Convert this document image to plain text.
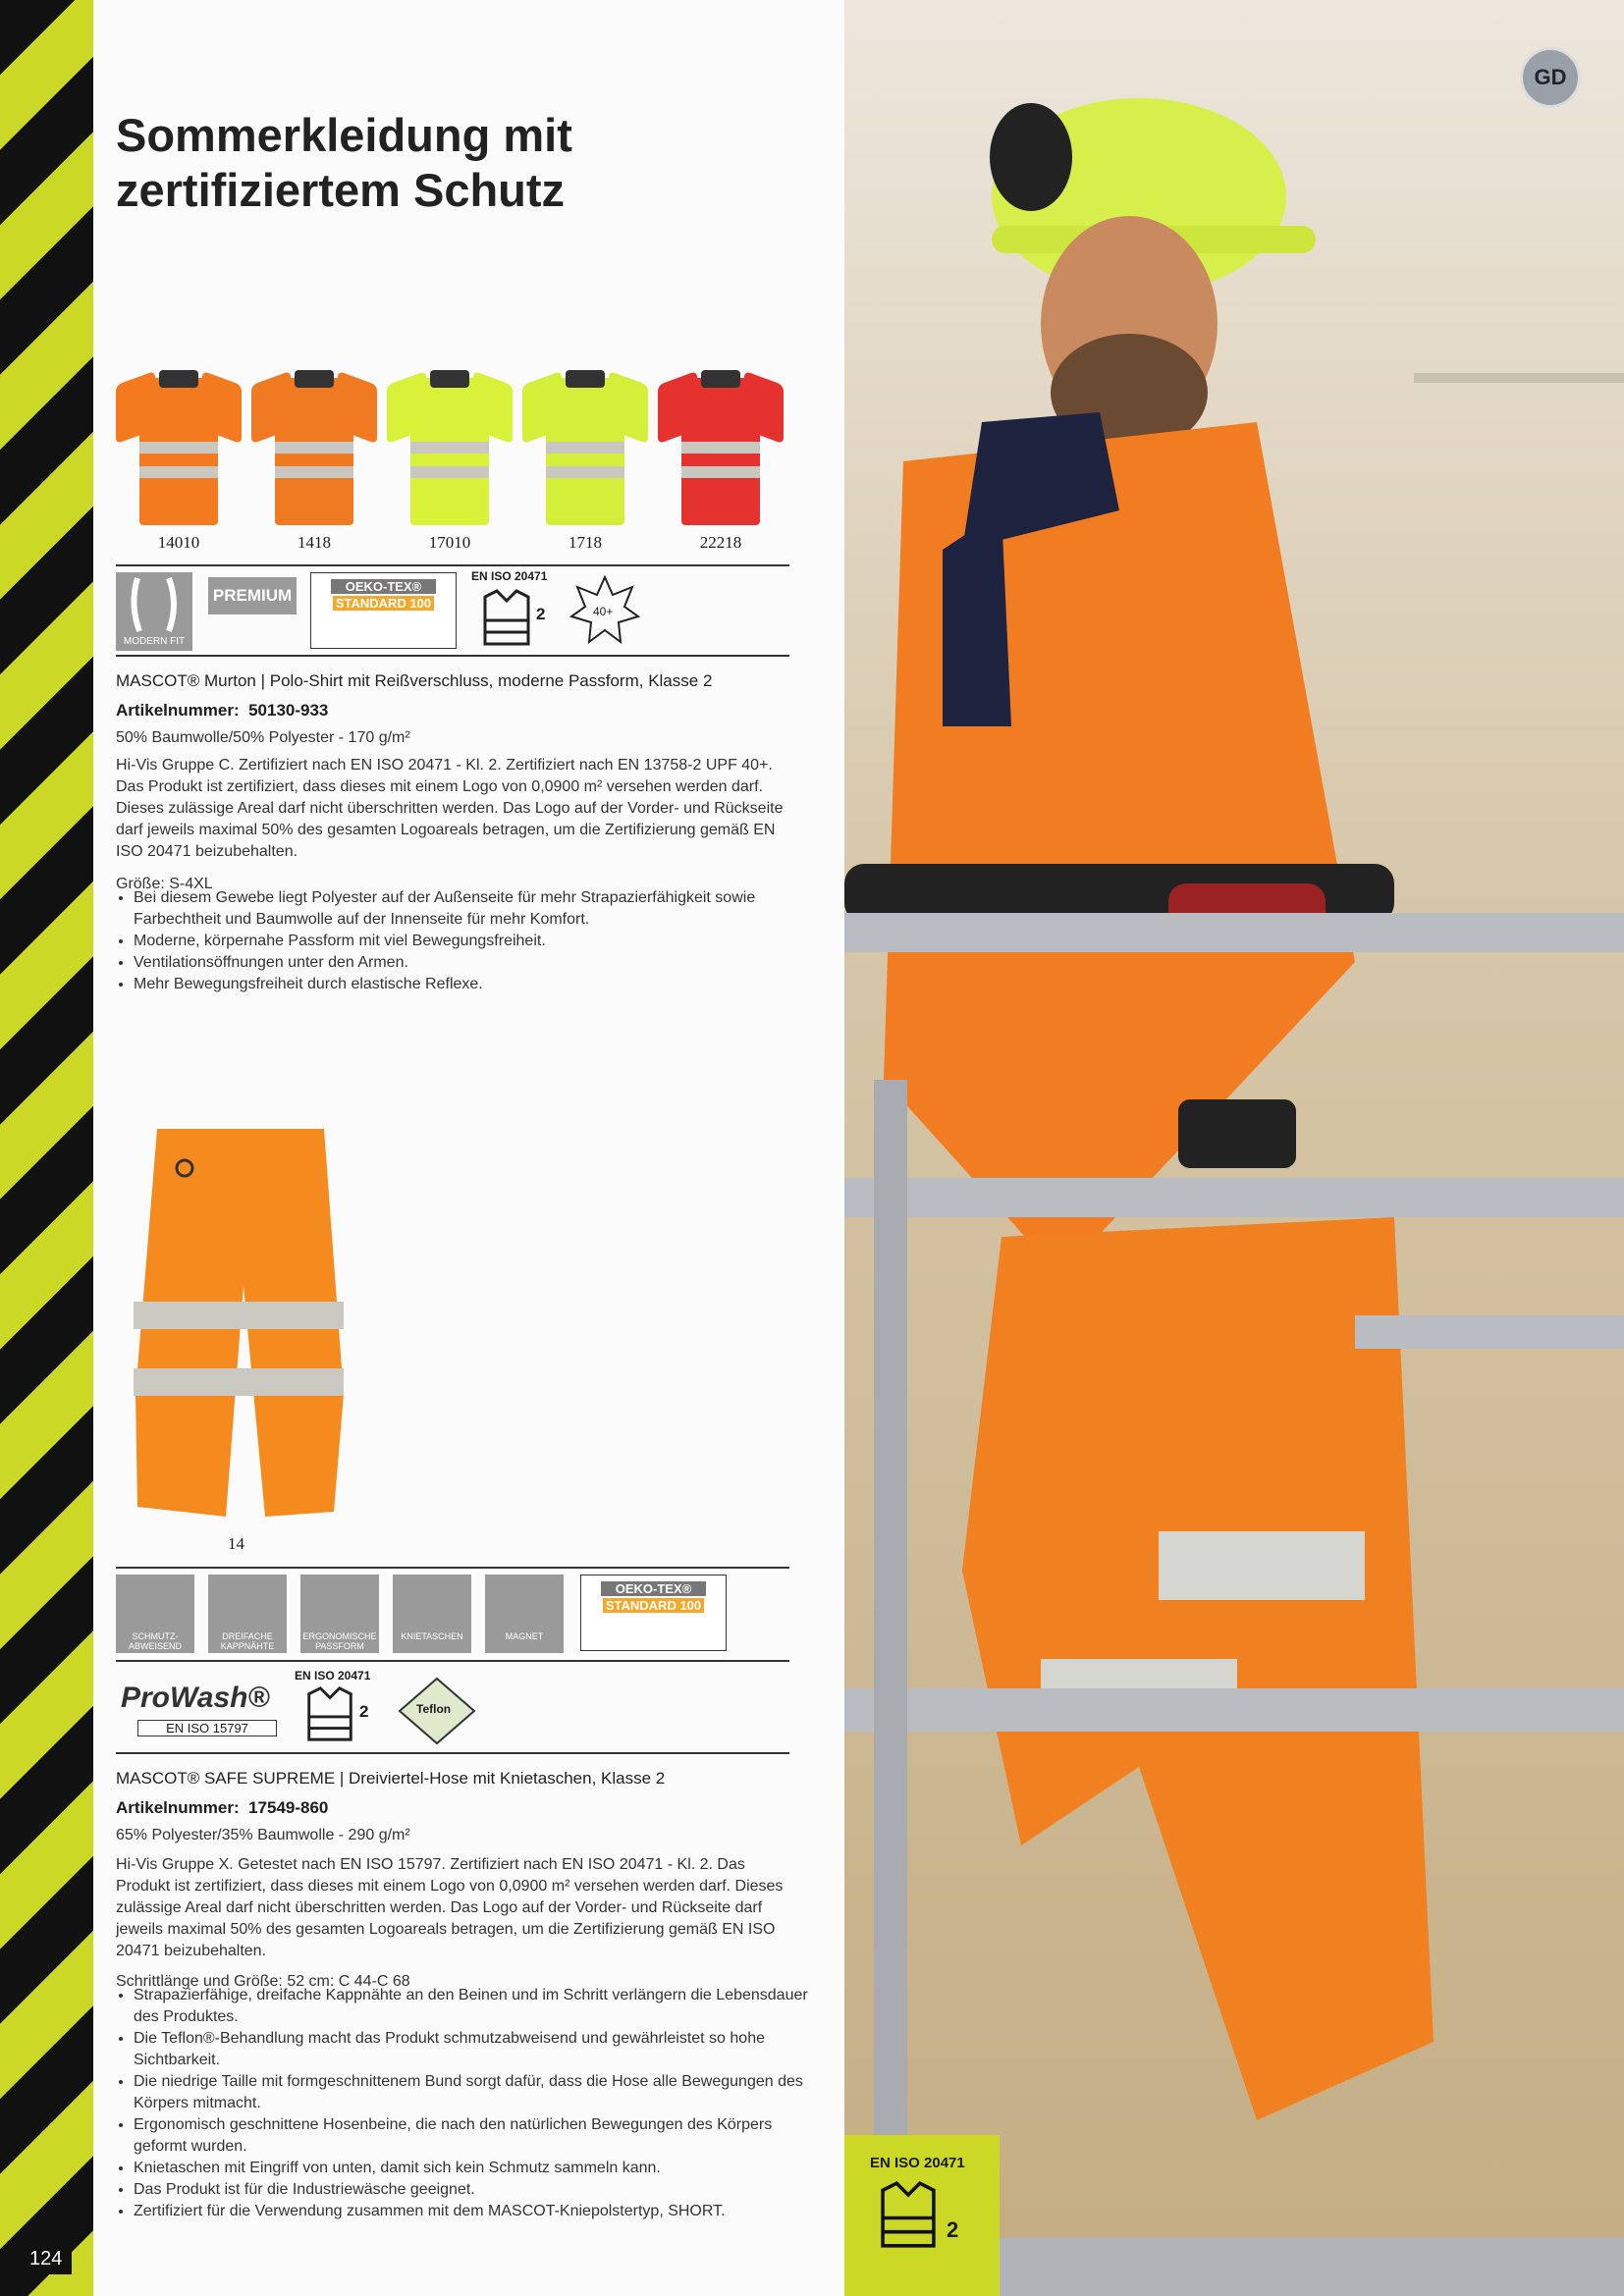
124
GD
Sommerkleidung mit
zertifiziertem Schutz
14010	1418	17010	1718	22218
MODERN FIT
PREMIUM	OEKO-TEX®
STANDARD 100
EN ISO 20471
2	40+
MASCOT® Murton | Polo-Shirt mit Reißverschluss, moderne Passform, Klasse 2
Artikelnummer: 50130-933
50% Baumwolle/50% Polyester - 170 g/m²

Hi-Vis Gruppe C. Zertifiziert nach EN ISO 20471 - Kl. 2. Zertifiziert nach EN 13758-2 UPF 40+. Das Produkt ist zertifiziert, dass dieses mit einem Logo von 0,0900 m² versehen werden darf. Dieses zulässige Areal darf nicht überschritten werden. Das Logo auf der Vorder- und Rückseite darf jeweils maximal 50% des gesamten Logoareals betragen, um die Zertifizierung gemäß EN ISO 20471 beizubehalten.

Größe: S-4XL
• Bei diesem Gewebe liegt Polyester auf der Außenseite für mehr Strapazierfähigkeit sowie Farbechtheit und Baumwolle auf der Innenseite für mehr Komfort.
• Moderne, körpernahe Passform mit viel Bewegungsfreiheit.
• Ventilationsöffnungen unter den Armen.
• Mehr Bewegungsfreiheit durch elastische Reflexe.
14
SCHMUTZ-ABWEISEND
DREIFACHE KAPPNÄHTE
ERGONOMISCHE PASSFORM
KNIETASCHEN	MAGNET
OEKO-TEX®
STANDARD 100
ProWash®
EN ISO 15797
EN ISO 20471
2	Teflon
MASCOT® SAFE SUPREME | Dreiviertel-Hose mit Knietaschen, Klasse 2
Artikelnummer: 17549-860
65% Polyester/35% Baumwolle - 290 g/m²

Hi-Vis Gruppe X. Getestet nach EN ISO 15797. Zertifiziert nach EN ISO 20471 - Kl. 2. Das Produkt ist zertifiziert, dass dieses mit einem Logo von 0,0900 m² versehen werden darf. Dieses zulässige Areal darf nicht überschritten werden. Das Logo auf der Vorder- und Rückseite darf jeweils maximal 50% des gesamten Logoareals betragen, um die Zertifizierung gemäß EN ISO 20471 beizubehalten.

Schrittlänge und Größe: 52 cm: C 44-C 68
• Strapazierfähige, dreifache Kappnähte an den Beinen und im Schritt verlängern die Lebensdauer des Produktes.
• Die Teflon®-Behandlung macht das Produkt schmutzabweisend und gewährleistet so hohe Sichtbarkeit.
• Die niedrige Taille mit formgeschnittenem Bund sorgt dafür, dass die Hose alle Bewegungen des Körpers mitmacht.
• Ergonomisch geschnittene Hosenbeine, die nach den natürlichen Bewegungen des Körpers geformt wurden.
• Knietaschen mit Eingriff von unten, damit sich kein Schmutz sammeln kann.
• Das Produkt ist für die Industriewäsche geeignet.
• Zertifiziert für die Verwendung zusammen mit dem MASCOT-Kniepolstertyp, SHORT.
EN ISO 20471
2
